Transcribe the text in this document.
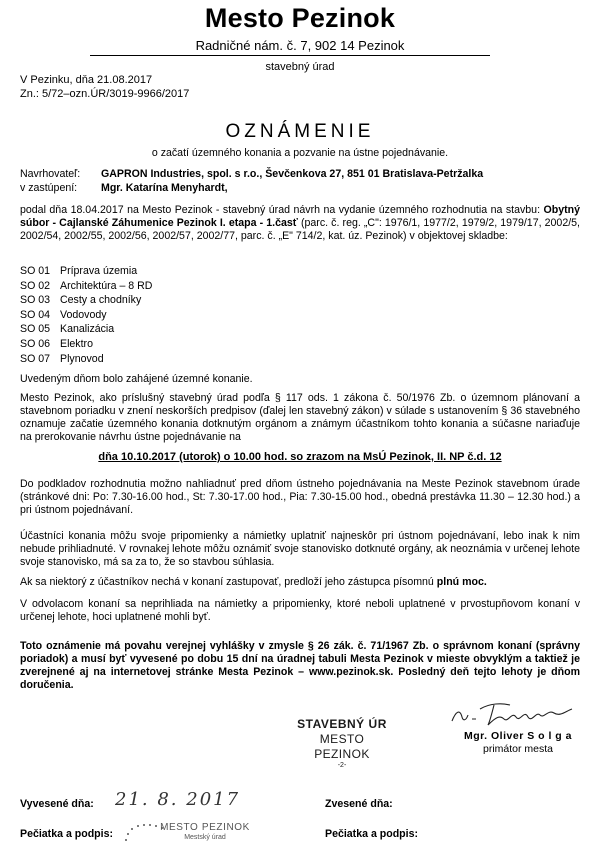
Mesto Pezinok
Radničné nám. č. 7, 902 14 Pezinok
stavebný úrad
V Pezinku, dňa 21.08.2017
Zn.: 5/72–ozn.ÚR/3019-9966/2017
OZNÁMENIE
o začatí územného konania a pozvanie na ústne pojednávanie.
Navrhovateľ: GAPRON Industries, spol. s r.o., Ševčenkova 27, 851 01 Bratislava-Petržalka
v zastúpení: Mgr. Katarína Menyhardt,
podal dňa 18.04.2017 na Mesto Pezinok - stavebný úrad návrh na vydanie územného rozhodnutia na stavbu: Obytný súbor - Cajlanské Záhumenice Pezinok I. etapa - 1.časť (parc. č. reg. „C": 1976/1, 1977/2, 1979/2, 1979/17, 2002/5, 2002/54, 2002/55, 2002/56, 2002/57, 2002/77, parc. č. „E" 714/2, kat. úz. Pezinok) v objektovej skladbe:
SO 01 Príprava územia
SO 02 Architektúra – 8 RD
SO 03 Cesty a chodníky
SO 04 Vodovody
SO 05 Kanalizácia
SO 06 Elektro
SO 07 Plynovod
Uvedeným dňom bolo zahájené územné konanie.
Mesto Pezinok, ako príslušný stavebný úrad podľa § 117 ods. 1 zákona č. 50/1976 Zb. o územnom plánovaní a stavebnom poriadku v znení neskorších predpisov (ďalej len stavebný zákon) v súlade s ustanovením § 36 stavebného oznamuje začatie územného konania dotknutým orgánom a známym účastníkom tohto konania a súčasne nariaďuje na prerokovanie návrhu ústne pojednávanie na
dňa 10.10.2017 (utorok) o 10.00 hod. so zrazom na MsÚ Pezinok, II. NP č.d. 12
Do podkladov rozhodnutia možno nahliadnuť pred dňom ústneho pojednávania na Meste Pezinok stavebnom úrade (stránkové dni: Po: 7.30-16.00 hod., St: 7.30-17.00 hod., Pia: 7.30-15.00 hod., obedná prestávka 11.30 – 12.30 hod.) a pri ústnom pojednávaní.
Účastníci konania môžu svoje pripomienky a námietky uplatniť najneskôr pri ústnom pojednávaní, lebo inak k nim nebude prihliadnuté. V rovnakej lehote môžu oznámiť svoje stanovisko dotknuté orgány, ak neoznámia v určenej lehote svoje stanovisko, má sa za to, že so stavbou súhlasia.
Ak sa niektorý z účastníkov nechá v konaní zastupovať, predloží jeho zástupca písomnú plnú moc.
V odvolacom konaní sa neprihliada na námietky a pripomienky, ktoré neboli uplatnené v prvostupňovom konaní v určenej lehote, hoci uplatnené mohli byť.
Toto oznámenie má povahu verejnej vyhlášky v zmysle § 26 zák. č. 71/1967 Zb. o správnom konaní (správny poriadok) a musí byť vyvesené po dobu 15 dní na úradnej tabuli Mesta Pezinok v mieste obvyklým a taktiež je zverejnené aj na internetovej stránke Mesta Pezinok – www.pezinok.sk. Posledný deň tejto lehoty je dňom doručenia.
STAVEBNÝ ÚR
MESTO PEZINOK
-2-
Mgr. Oliver S o l g a
primátor mesta
Vyvesené dňa: 21. 8. 2017	Zvesené dňa:
Pečiatka a podpis:
MESTO PEZINOK
Mestský úrad	Pečiatka a podpis:
